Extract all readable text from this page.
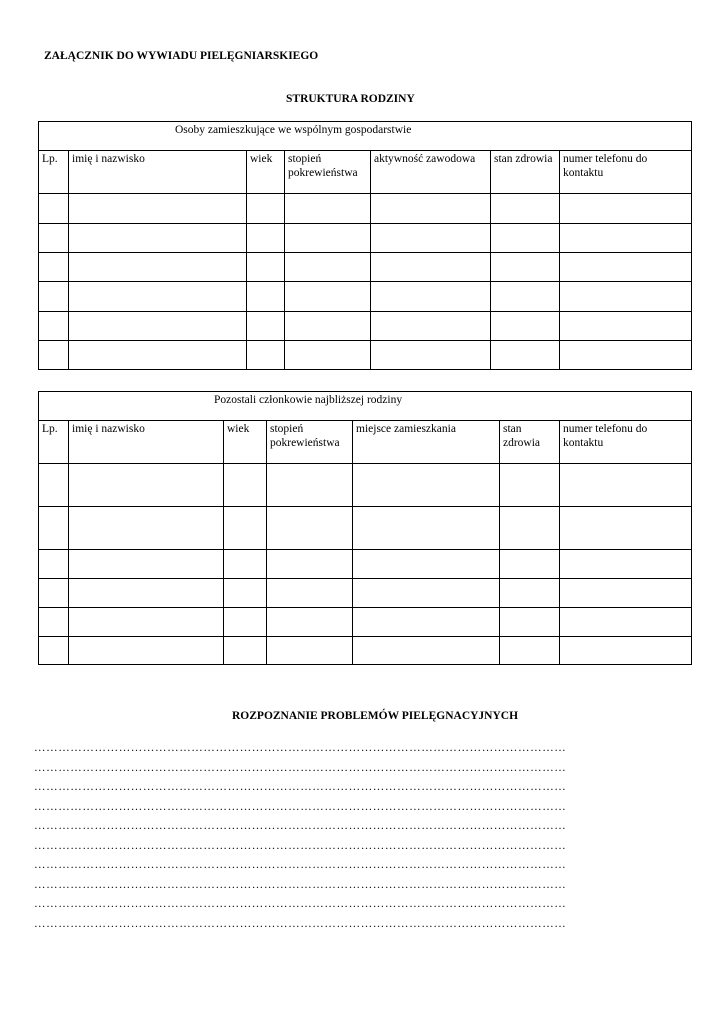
ZAŁĄCZNIK DO WYWIADU PIELĘGNIARSKIEGO
STRUKTURA RODZINY
Osoby zamieszkujące we wspólnym gospodarstwie						
Lp.	imię i nazwisko	wiek	stopień pokrewieństwa	aktywność zawodowa	stan zdrowia	numer telefonu do kontaktu

Pozostali członkowie najbliższej rodziny						
Lp.	imię i nazwisko	wiek	stopień pokrewieństwa	miejsce zamieszkania	stan zdrowia	numer telefonu do kontaktu

ROZPOZNANIE PROBLEMÓW PIELĘGNACYJNYCH
……………………………………………………………………………………………………………………
……………………………………………………………………………………………………………………
……………………………………………………………………………………………………………………
……………………………………………………………………………………………………………………
……………………………………………………………………………………………………………………
……………………………………………………………………………………………………………………
……………………………………………………………………………………………………………………
……………………………………………………………………………………………………………………
……………………………………………………………………………………………………………………
……………………………………………………………………………………………………………………
